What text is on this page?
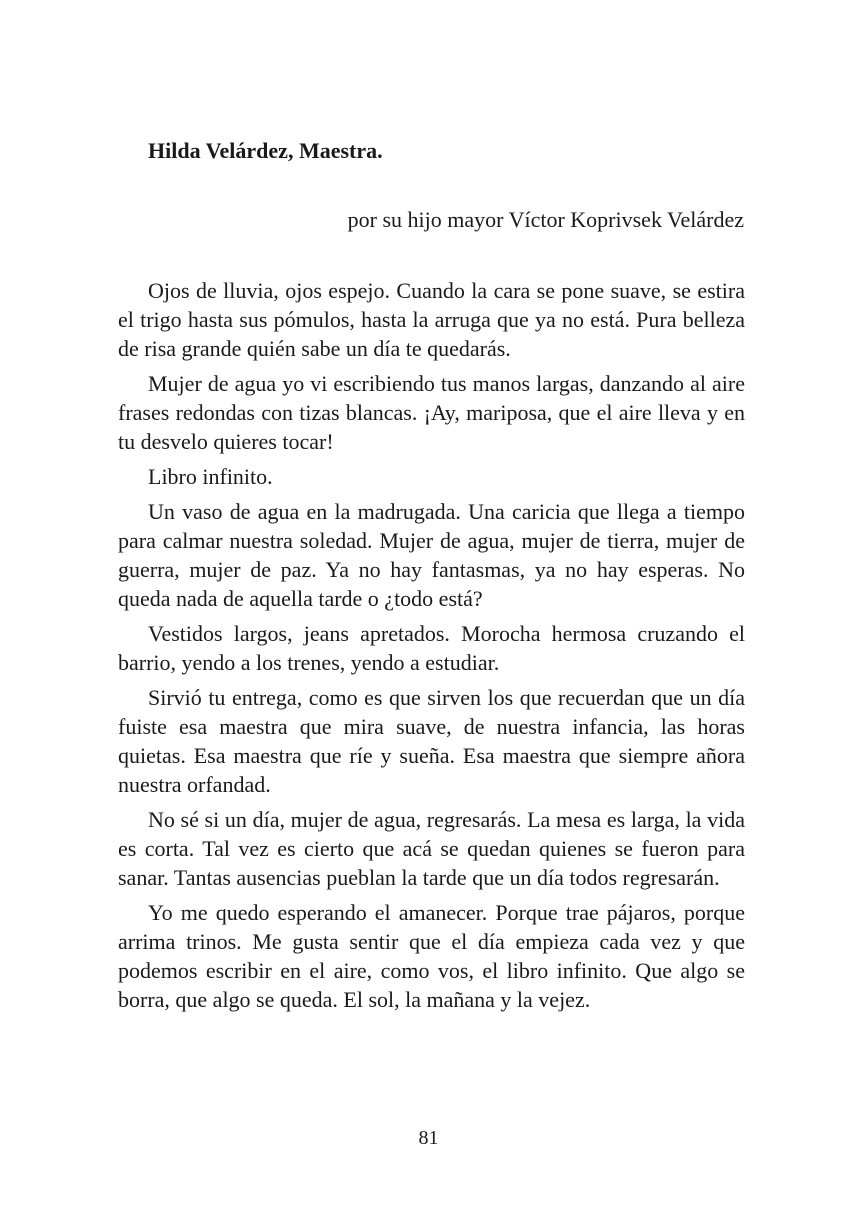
Hilda Velárdez, Maestra.

por su hijo mayor Víctor Koprivsek Velárdez

Ojos de lluvia, ojos espejo. Cuando la cara se pone suave, se estira el trigo hasta sus pómulos, hasta la arruga que ya no está. Pura belleza de risa grande quién sabe un día te quedarás.

Mujer de agua yo vi escribiendo tus manos largas, danzando al aire frases redondas con tizas blancas. ¡Ay, mariposa, que el aire lleva y en tu desvelo quieres tocar!

Libro infinito.

Un vaso de agua en la madrugada. Una caricia que llega a tiempo para calmar nuestra soledad. Mujer de agua, mujer de tierra, mujer de guerra, mujer de paz. Ya no hay fantasmas, ya no hay esperas. No queda nada de aquella tarde o ¿todo está?

Vestidos largos, jeans apretados. Morocha hermosa cruzando el barrio, yendo a los trenes, yendo a estudiar.

Sirvió tu entrega, como es que sirven los que recuerdan que un día fuiste esa maestra que mira suave, de nuestra infancia, las horas quietas. Esa maestra que ríe y sueña. Esa maestra que siempre añora nuestra orfandad.

No sé si un día, mujer de agua, regresarás. La mesa es larga, la vida es corta. Tal vez es cierto que acá se quedan quienes se fueron para sanar. Tantas ausencias pueblan la tarde que un día todos regresarán.

Yo me quedo esperando el amanecer. Porque trae pájaros, porque arrima trinos. Me gusta sentir que el día empieza cada vez y que podemos escribir en el aire, como vos, el libro infinito. Que algo se borra, que algo se queda. El sol, la mañana y la vejez.

81
